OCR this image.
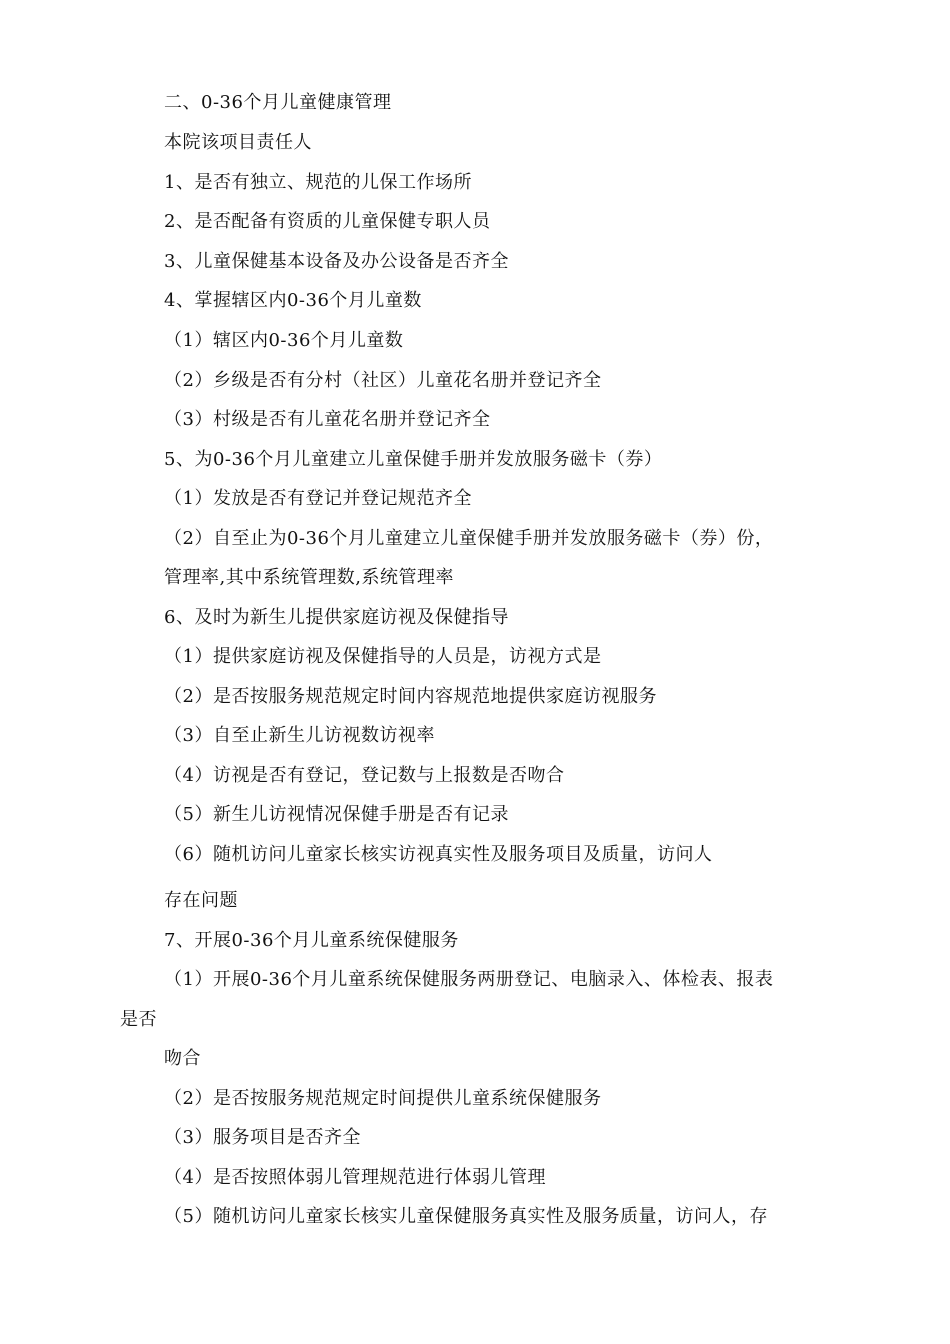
二、0-36个月儿童健康管理
本院该项目责任人
1、是否有独立、规范的儿保工作场所
2、是否配备有资质的儿童保健专职人员
3、儿童保健基本设备及办公设备是否齐全
4、掌握辖区内0-36个月儿童数
（1）辖区内0-36个月儿童数
（2）乡级是否有分村（社区）儿童花名册并登记齐全
（3）村级是否有儿童花名册并登记齐全
5、为0-36个月儿童建立儿童保健手册并发放服务磁卡（券）
（1）发放是否有登记并登记规范齐全
（2）自至止为0-36个月儿童建立儿童保健手册并发放服务磁卡（券）份，
管理率,其中系统管理数,系统管理率
6、及时为新生儿提供家庭访视及保健指导
（1）提供家庭访视及保健指导的人员是，访视方式是
（2）是否按服务规范规定时间内容规范地提供家庭访视服务
（3）自至止新生儿访视数访视率
（4）访视是否有登记，登记数与上报数是否吻合
（5）新生儿访视情况保健手册是否有记录
（6）随机访问儿童家长核实访视真实性及服务项目及质量，访问人
存在问题
7、开展0-36个月儿童系统保健服务
（1）开展0-36个月儿童系统保健服务两册登记、电脑录入、体检表、报表
是否
吻合
（2）是否按服务规范规定时间提供儿童系统保健服务
（3）服务项目是否齐全
（4）是否按照体弱儿管理规范进行体弱儿管理
（5）随机访问儿童家长核实儿童保健服务真实性及服务质量，访问人，存
